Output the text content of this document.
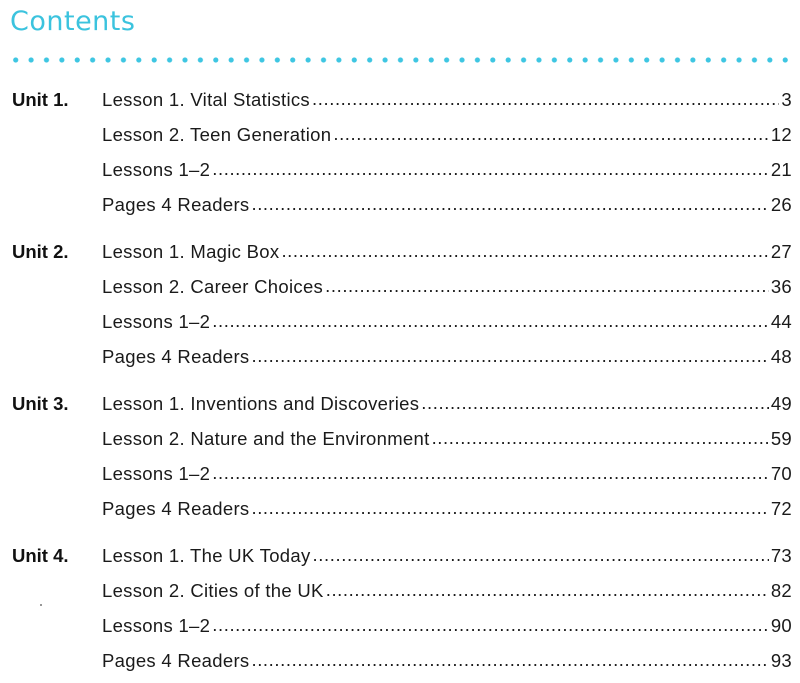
Contents
Unit 1. Lesson 1. Vital Statistics .....	3
Lesson 2. Teen Generation .....	12
Lessons 1–2 .....	21
Pages 4 Readers .....	26
Unit 2. Lesson 1. Magic Box .....	27
Lesson 2. Career Choices .....	36
Lessons 1–2 .....	44
Pages 4 Readers .....	48
Unit 3. Lesson 1. Inventions and Discoveries .....	49
Lesson 2. Nature and the Environment .....	59
Lessons 1–2 .....	70
Pages 4 Readers .....	72
Unit 4. Lesson 1. The UK Today .....	73
Lesson 2. Cities of the UK .....	82
Lessons 1–2 .....	90
Pages 4 Readers .....	93
